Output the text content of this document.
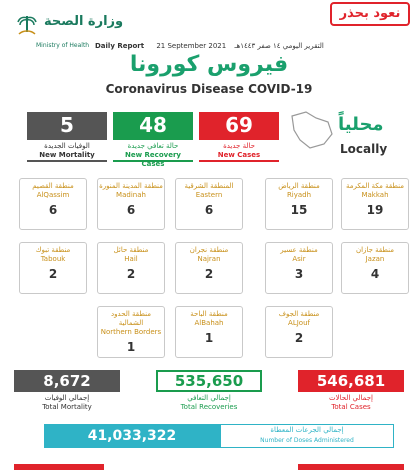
وزارة الصحة
Ministry of Health
نعود بحذر
Daily Report 21 September 2021 التقرير اليومي ١٤ صفر ١٤٤٣هـ
فيروس كورونا
Coronavirus Disease COVID-19
5
الوفيات الجديدة
New Mortality
48
حالة تعافي جديدة
New Recovery Cases
69
حالة جديدة
New Cases
محلياً
Locally
منطقة مكة المكرمة
Makkah
19
منطقة الرياض
Riyadh
15
المنطقة الشرقية
Eastern
6
منطقة المدينة المنورة
Madinah
6
منطقة القصيم
AlQassim
6
منطقة جازان
Jazan
4
منطقة عسير
Asir
3
منطقة نجران
Najran
2
منطقة حائل
Hail
2
منطقة تبوك
Tabouk
2
منطقة الجوف
ALJouf
2
منطقة الباحة
AlBahah
1
منطقة الحدود الشمالية
Northern Borders
1
546,681
إجمالي الحالات
Total Cases
535,650
إجمالي التعافي
Total Recoveries
8,672
إجمالي الوفيات
Total Mortality
41,033,322	إجمالي الجرعات المعطاة
Number of Doses Administered
